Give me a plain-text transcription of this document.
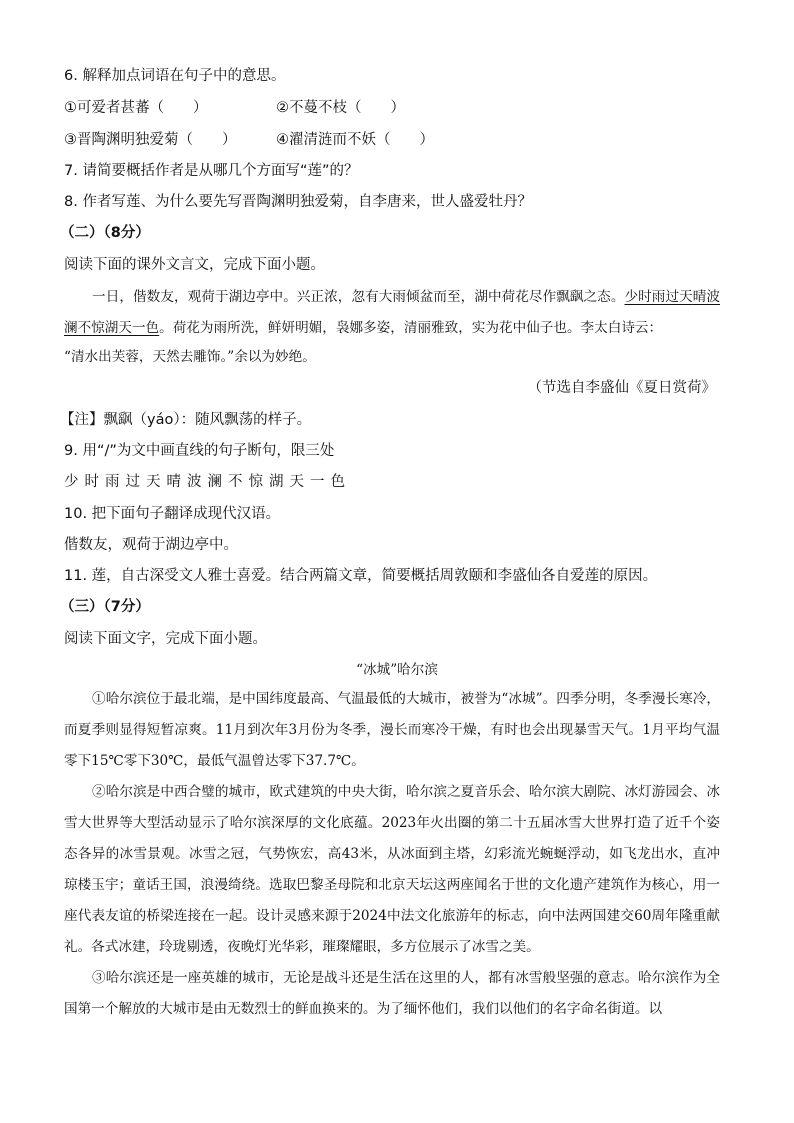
6. 解释加点词语在句子中的意思。
①可爱者甚蕃（　　）	②不蔓不枝（　　）
③晋陶渊明独爱菊（　　）	④濯清涟而不妖（　　）
7. 请简要概括作者是从哪几个方面写“莲”的？
8. 作者写莲、为什么要先写晋陶渊明独爱菊，自李唐来，世人盛爱牡丹？
（二）（8分）
阅读下面的课外文言文，完成下面小题。
一日，偕数友，观荷于湖边亭中。兴正浓，忽有大雨倾盆而至，湖中荷花尽作飘飖之态。少时雨过天晴波澜不惊湖天一色。荷花为雨所洗，鲜妍明媚，袅娜多姿，清丽雅致，实为花中仙子也。李太白诗云：
“清水出芙蓉，天然去雕饰。”余以为妙绝。
（节选自李盛仙《夏日赏荷》
【注】飘飖（yáo）：随风飘荡的样子。
9. 用“/”为文中画直线的句子断句，限三处
少时雨过天晴波澜不惊湖天一色
10. 把下面句子翻译成现代汉语。
偕数友，观荷于湖边亭中。
11. 莲，自古深受文人雅士喜爱。结合两篇文章，简要概括周敦颐和李盛仙各自爱莲的原因。
（三）（7分）
阅读下面文字，完成下面小题。
“冰城”哈尔滨
①哈尔滨位于最北端，是中国纬度最高、气温最低的大城市，被誉为“冰城”。四季分明，冬季漫长寒冷，而夏季则显得短暂凉爽。11月到次年3月份为冬季，漫长而寒冷干燥，有时也会出现暴雪天气。1月平均气温零下15℃零下30℃，最低气温曾达零下37.7℃。
②哈尔滨是中西合璧的城市，欧式建筑的中央大街，哈尔滨之夏音乐会、哈尔滨大剧院、冰灯游园会、冰雪大世界等大型活动显示了哈尔滨深厚的文化底蕴。2023年火出圈的第二十五届冰雪大世界打造了近千个姿态各异的冰雪景观。冰雪之冠，气势恢宏，高43米，从冰面到主塔，幻彩流光蜿蜒浮动，如飞龙出水，直冲琼楼玉宇；童话王国，浪漫绮绕。选取巴黎圣母院和北京天坛这两座闻名于世的文化遗产建筑作为核心，用一座代表友谊的桥梁连接在一起。设计灵感来源于2024中法文化旅游年的标志，向中法两国建交60周年隆重献礼。各式冰建，玲珑剔透，夜晚灯光华彩，璀璨耀眼，多方位展示了冰雪之美。
③哈尔滨还是一座英雄的城市，无论是战斗还是生活在这里的人，都有冰雪般坚强的意志。哈尔滨作为全国第一个解放的大城市是由无数烈士的鲜血换来的。为了缅怀他们，我们以他们的名字命名街道。以
